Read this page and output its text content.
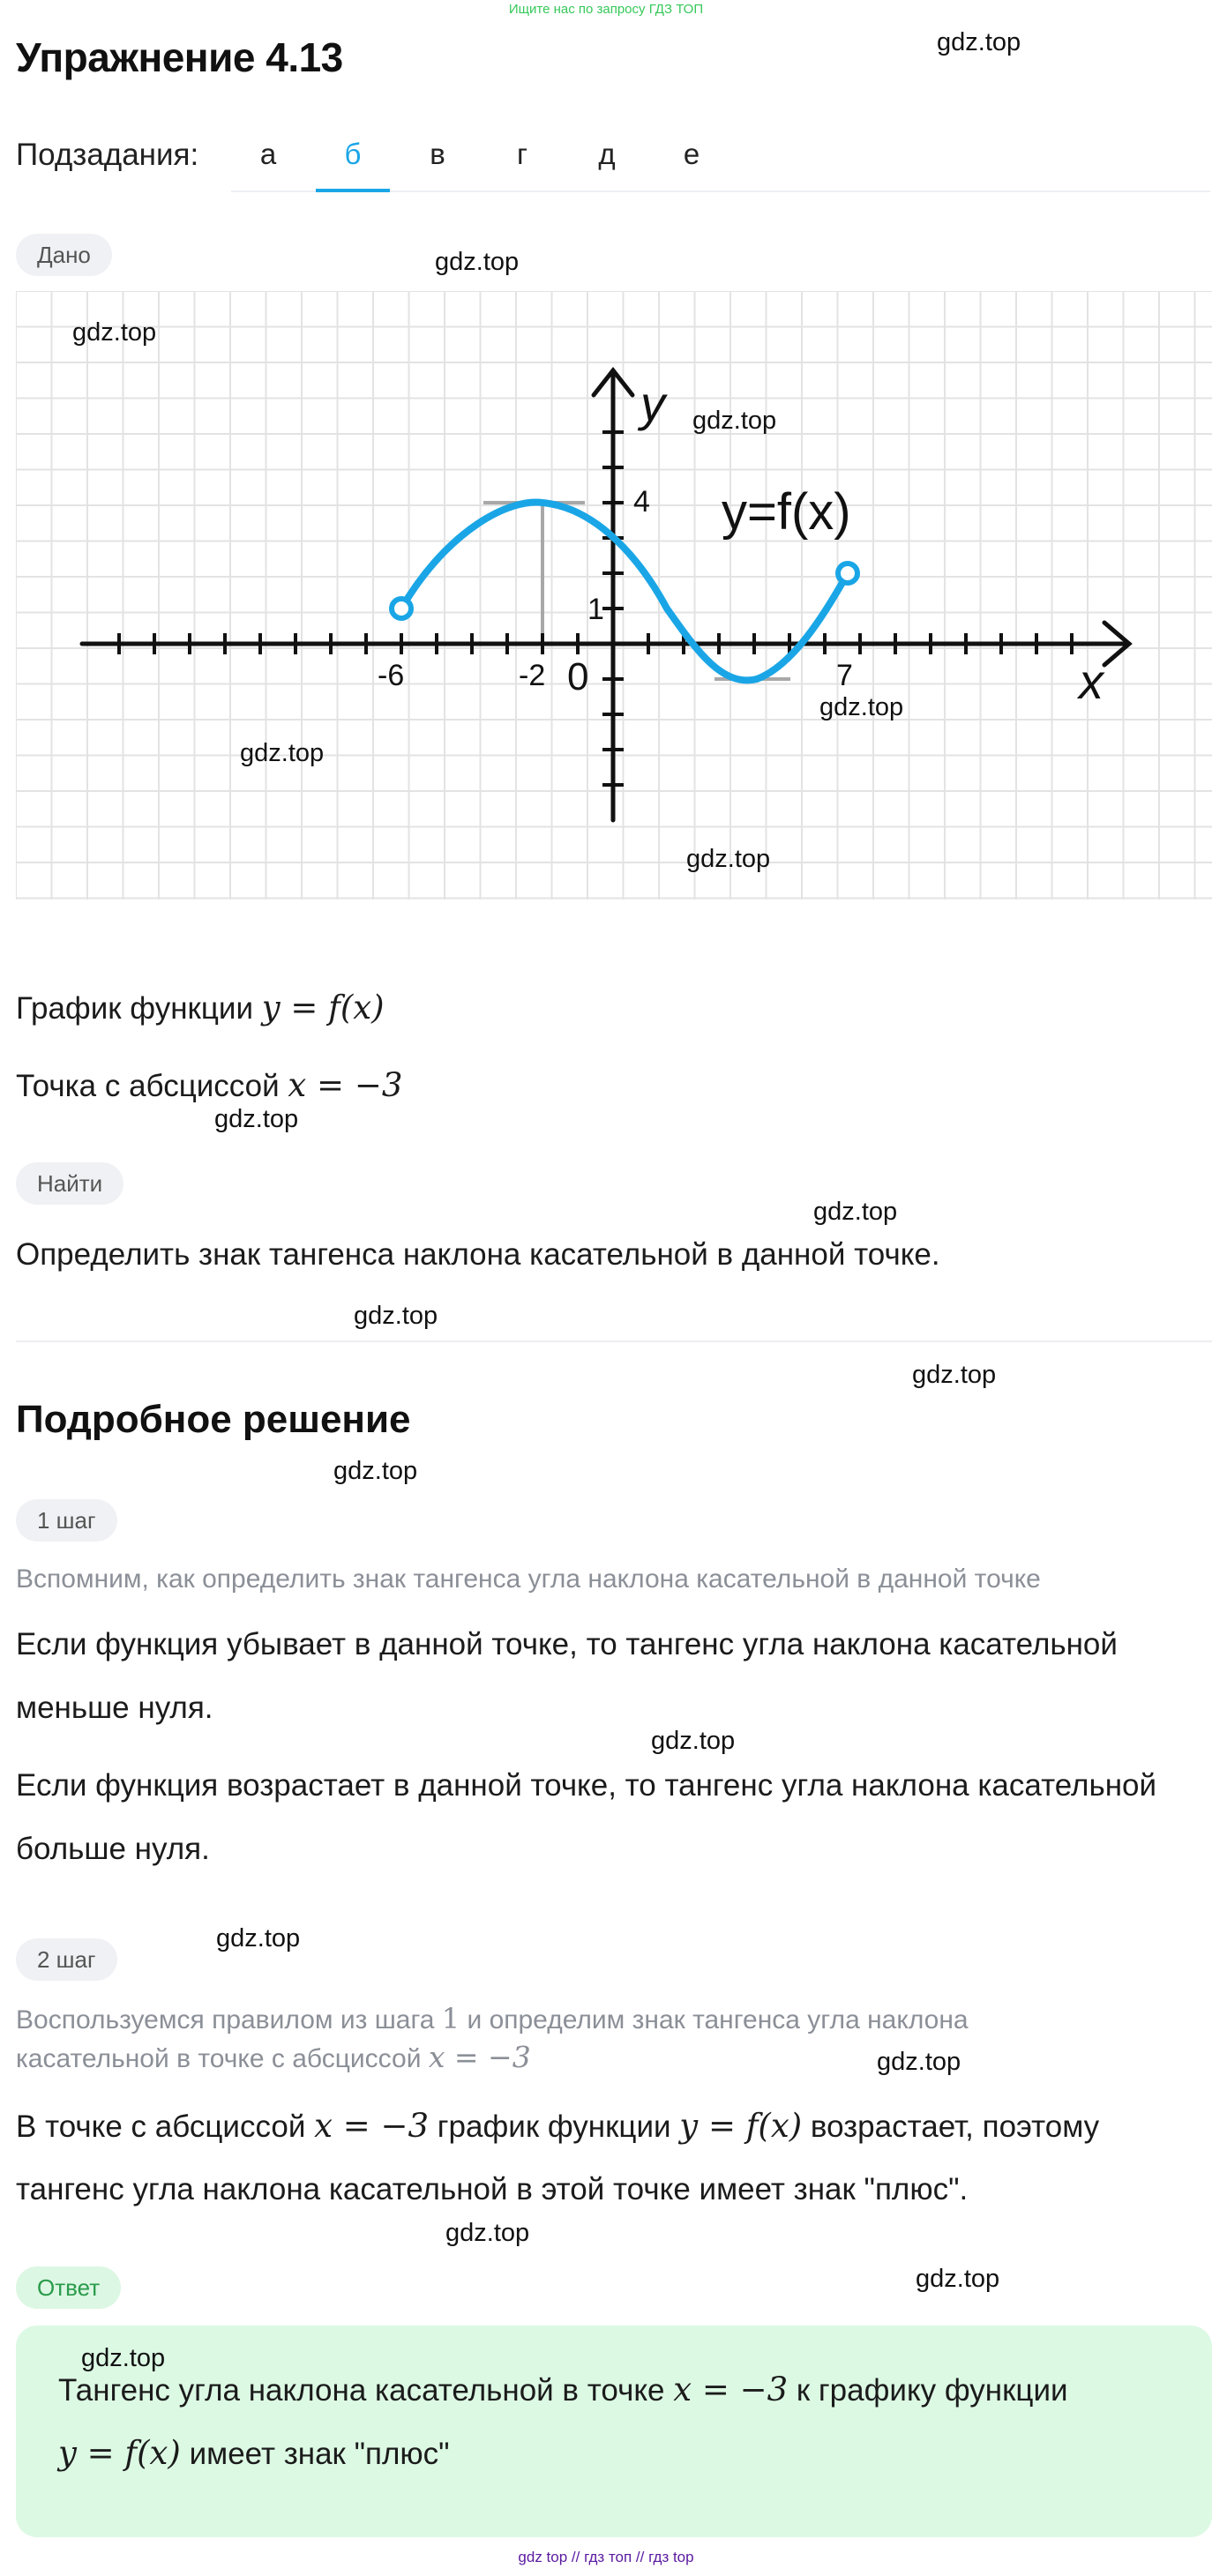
Ищите нас по запросу ГДЗ ТОП
Упражнение 4.13
Подзадания:	а	б	в	г	д	е
Дано
y
x
y=f(x)
4
1
-6	-2 0	7
График функции y = f(x)
Точка с абсциссой x = −3
Найти
Определить знак тангенса наклона касательной в данной точке.
Подробное решение
1 шаг
Вспомним, как определить знак тангенса угла наклона касательной в данной точке
Если функция убывает в данной точке, то тангенс угла наклона касательной
меньше нуля.
Если функция возрастает в данной точке, то тангенс угла наклона касательной
больше нуля.
2 шаг
Воспользуемся правилом из шага 1 и определим знак тангенса угла наклона
касательной в точке с абсциссой x = −3
В точке с абсциссой x = −3 график функции y = f(x) возрастает, поэтому
тангенс угла наклона касательной в этой точке имеет знак "плюс".
Ответ
Тангенс угла наклона касательной в точке x = −3 к графику функции
y = f(x) имеет знак "плюс"
gdz.top
gdz.top
gdz.top
gdz.top
gdz.top
gdz.top
gdz.top
gdz.top
gdz.top
gdz.top
gdz.top
gdz.top
gdz.top
gdz.top
gdz.top
gdz.top
gdz.top
gdz.top
gdz top // гдз топ // гдз top
